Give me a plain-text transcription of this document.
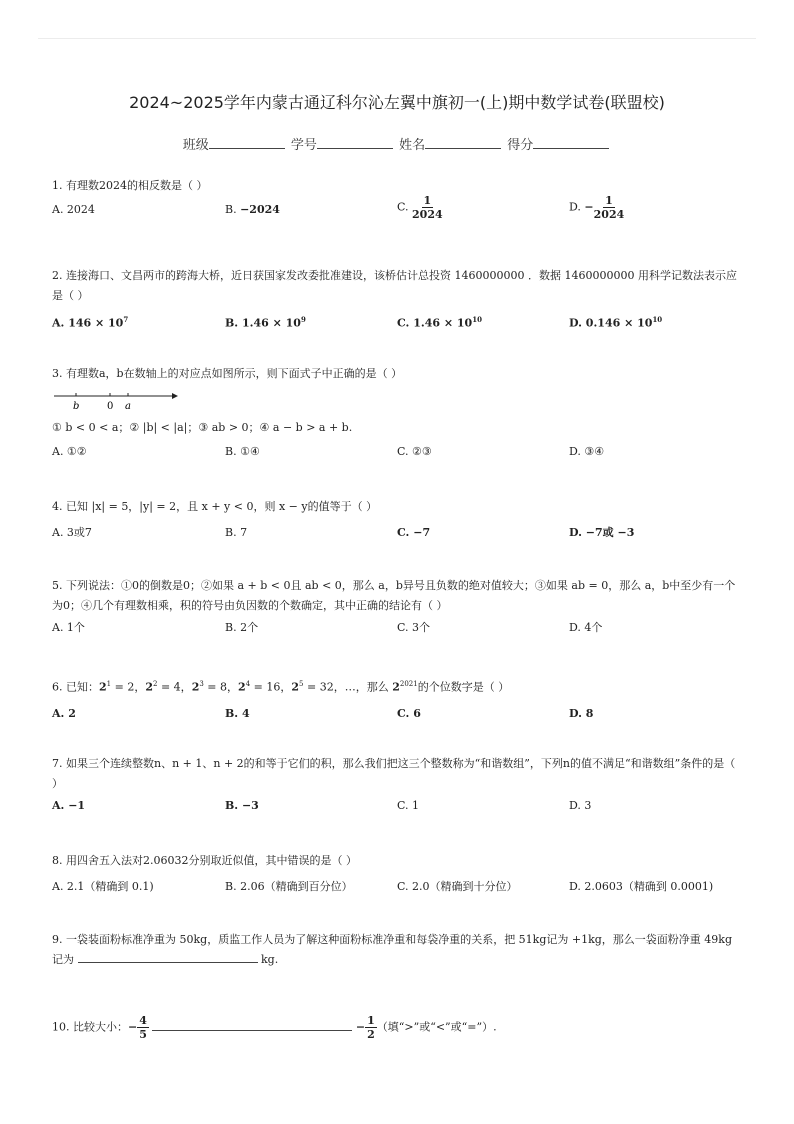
2024~2025学年内蒙古通辽科尔沁左翼中旗初一(上)期中数学试卷(联盟校)
班级	学号	姓名	得分
1. 有理数2024的相反数是（ ）
A. 2024	B. −2024	C. $\frac{1}{2024}$	D. − $\frac{1}{2024}$
2. 连接海口、文昌两市的跨海大桥，近日获国家发改委批准建设，该桥估计总投资 1460000000 ．数据 1460000000 用科学记数法表示应是（ ）
A. $146 \times 10^7$	B. $1.46 \times 10^9$	C. $1.46 \times 10^{10}$	D. $0.146 \times 10^{10}$
3. 有理数a，b在数轴上的对应点如图所示，则下面式子中正确的是（ ）
b	0 a
① b < 0 < a；② |b| < |a|；③ ab > 0；④ a − b > a + b.
A. ①②	B. ①④	C. ②③	D. ③④
4. 已知 |x| = 5，|y| = 2，且 x + y < 0，则 x − y的值等于（ ）
A. 3或7	B. 7	C. −7	D. −7或 −3
5. 下列说法：①0的倒数是0；②如果 a + b < 0且 ab < 0，那么 a，b异号且负数的绝对值较大；③如果 ab = 0，那么 a，b中至少有一个为0；④几个有理数相乘，积的符号由负因数的个数确定，其中正确的结论有（ ）
A. 1个	B. 2个	C. 3个	D. 4个
6. 已知：$2^1 = 2$，$2^2 = 4$，$2^3 = 8$，$2^4 = 16$，$2^5 = 32$，…，那么 $2^{2021}$的个位数字是（ ）
A. 2	B. 4	C. 6	D. 8
7. 如果三个连续整数n、n + 1、n + 2的和等于它们的积，那么我们把这三个整数称为“和谐数组”，下列n的值不满足“和谐数组”条件的是（ ）
A. −1	B. −3	C. 1	D. 3
8. 用四舍五入法对2.06032分别取近似值，其中错误的是（ ）
A. 2.1（精确到 0.1)	B. 2.06（精确到百分位）	C. 2.0（精确到十分位）	D. 2.0603（精确到 0.0001)
9. 一袋装面粉标准净重为 50kg，质监工作人员为了解这种面粉标准净重和每袋净重的关系，把 51kg记为 +1kg，那么一袋面粉净重 49kg记为	kg.
10. 比较大小：− $\frac{4}{5}$	− $\frac{1}{2}$ （填“>”或“<”或“=”）.
